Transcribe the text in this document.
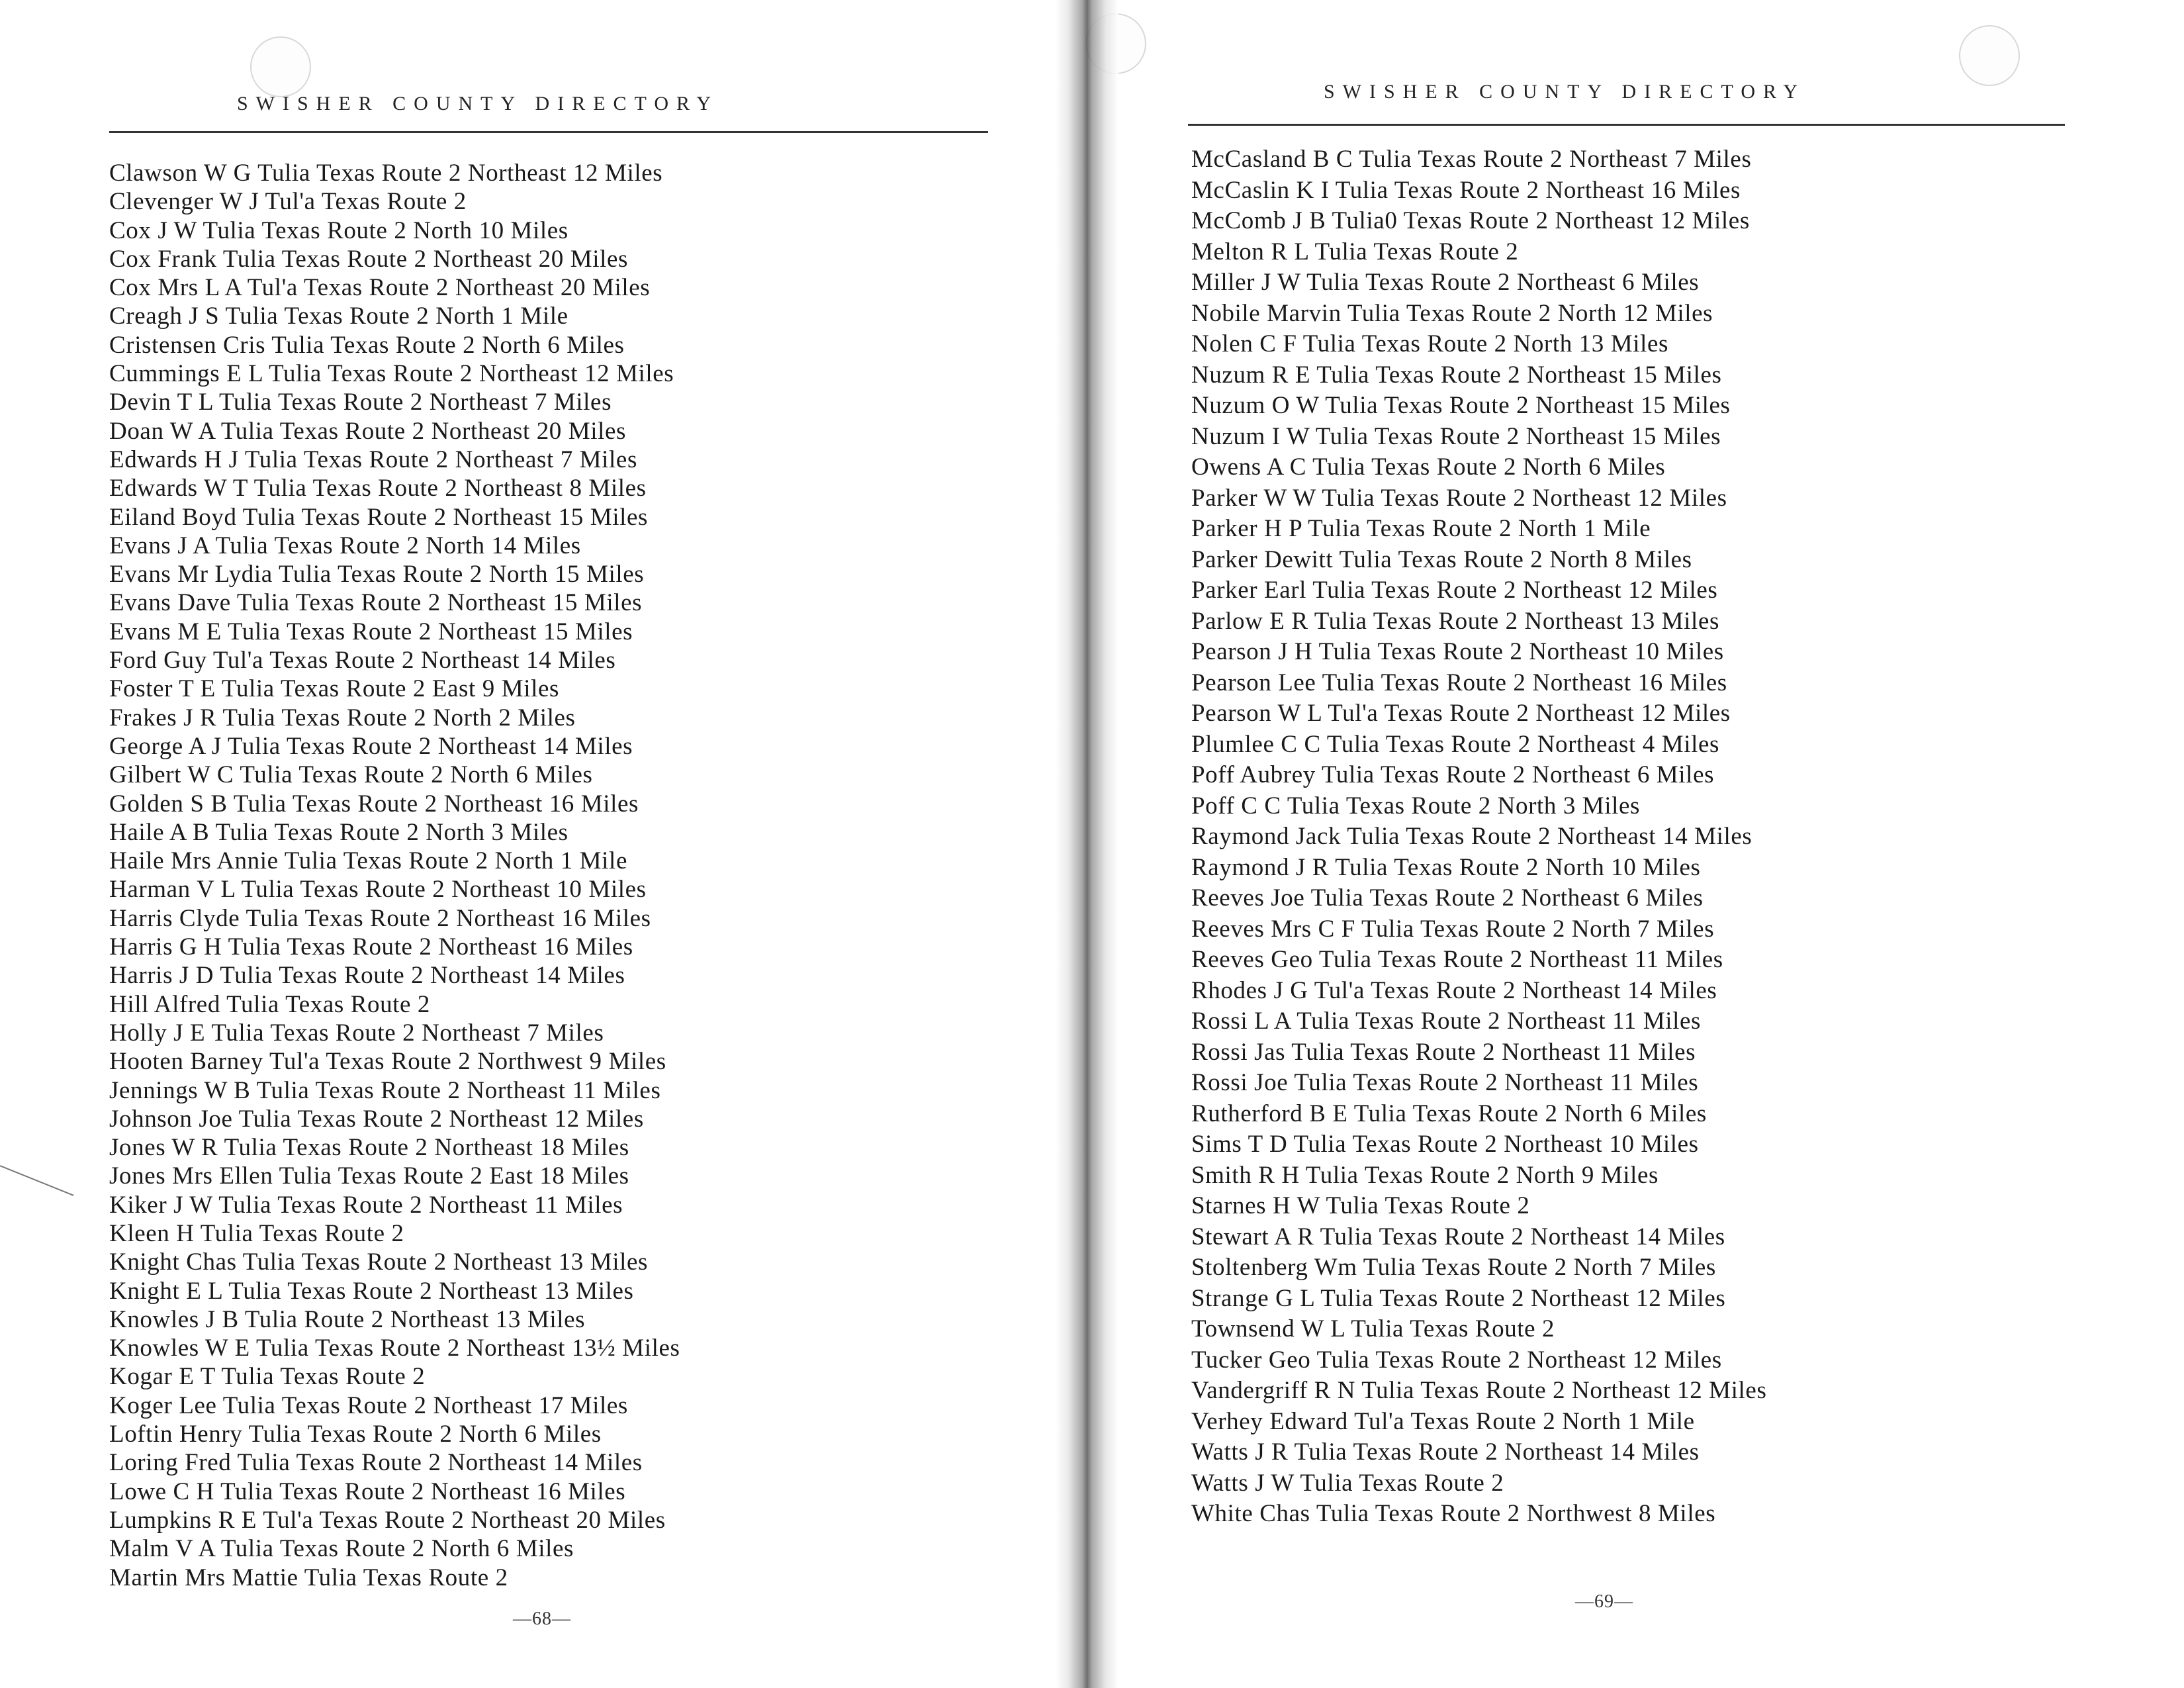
SWISHER COUNTY DIRECTORY
Clawson W G Tulia Texas Route 2 Northeast 12 Miles
Clevenger W J Tul'a Texas Route 2
Cox J W Tulia Texas Route 2 North 10 Miles
Cox Frank Tulia Texas Route 2 Northeast 20 Miles
Cox Mrs L A Tul'a Texas Route 2 Northeast 20 Miles
Creagh J S Tulia Texas Route 2 North 1 Mile
Cristensen Cris Tulia Texas Route 2 North 6 Miles
Cummings E L Tulia Texas Route 2 Northeast 12 Miles
Devin T L Tulia Texas Route 2 Northeast 7 Miles
Doan W A Tulia Texas Route 2 Northeast 20 Miles
Edwards H J Tulia Texas Route 2 Northeast 7 Miles
Edwards W T Tulia Texas Route 2 Northeast 8 Miles
Eiland Boyd Tulia Texas Route 2 Northeast 15 Miles
Evans J A Tulia Texas Route 2 North 14 Miles
Evans Mr Lydia Tulia Texas Route 2 North 15 Miles
Evans Dave Tulia Texas Route 2 Northeast 15 Miles
Evans M E Tulia Texas Route 2 Northeast 15 Miles
Ford Guy Tul'a Texas Route 2 Northeast 14 Miles
Foster T E Tulia Texas Route 2 East 9 Miles
Frakes J R Tulia Texas Route 2 North 2 Miles
George A J Tulia Texas Route 2 Northeast 14 Miles
Gilbert W C Tulia Texas Route 2 North 6 Miles
Golden S B Tulia Texas Route 2 Northeast 16 Miles
Haile A B Tulia Texas Route 2 North 3 Miles
Haile Mrs Annie Tulia Texas Route 2 North 1 Mile
Harman V L Tulia Texas Route 2 Northeast 10 Miles
Harris Clyde Tulia Texas Route 2 Northeast 16 Miles
Harris G H Tulia Texas Route 2 Northeast 16 Miles
Harris J D Tulia Texas Route 2 Northeast 14 Miles
Hill Alfred Tulia Texas Route 2
Holly J E Tulia Texas Route 2 Northeast 7 Miles
Hooten Barney Tul'a Texas Route 2 Northwest 9 Miles
Jennings W B Tulia Texas Route 2 Northeast 11 Miles
Johnson Joe Tulia Texas Route 2 Northeast 12 Miles
Jones W R Tulia Texas Route 2 Northeast 18 Miles
Jones Mrs Ellen Tulia Texas Route 2 East 18 Miles
Kiker J W Tulia Texas Route 2 Northeast 11 Miles
Kleen H Tulia Texas Route 2
Knight Chas Tulia Texas Route 2 Northeast 13 Miles
Knight E L Tulia Texas Route 2 Northeast 13 Miles
Knowles J B Tulia Route 2 Northeast 13 Miles
Knowles W E Tulia Texas Route 2 Northeast 13½ Miles
Kogar E T Tulia Texas Route 2
Koger Lee Tulia Texas Route 2 Northeast 17 Miles
Loftin Henry Tulia Texas Route 2 North 6 Miles
Loring Fred Tulia Texas Route 2 Northeast 14 Miles
Lowe C H Tulia Texas Route 2 Northeast 16 Miles
Lumpkins R E Tul'a Texas Route 2 Northeast 20 Miles
Malm V A Tulia Texas Route 2 North 6 Miles
Martin Mrs Mattie Tulia Texas Route 2
—68—
SWISHER COUNTY DIRECTORY
McCasland B C Tulia Texas Route 2 Northeast 7 Miles
McCaslin K I Tulia Texas Route 2 Northeast 16 Miles
McComb J B Tulia0 Texas Route 2 Northeast 12 Miles
Melton R L Tulia Texas Route 2
Miller J W Tulia Texas Route 2 Northeast 6 Miles
Nobile Marvin Tulia Texas Route 2 North 12 Miles
Nolen C F Tulia Texas Route 2 North 13 Miles
Nuzum R E Tulia Texas Route 2 Northeast 15 Miles
Nuzum O W Tulia Texas Route 2 Northeast 15 Miles
Nuzum I W Tulia Texas Route 2 Northeast 15 Miles
Owens A C Tulia Texas Route 2 North 6 Miles
Parker W W Tulia Texas Route 2 Northeast 12 Miles
Parker H P Tulia Texas Route 2 North 1 Mile
Parker Dewitt Tulia Texas Route 2 North 8 Miles
Parker Earl Tulia Texas Route 2 Northeast 12 Miles
Parlow E R Tulia Texas Route 2 Northeast 13 Miles
Pearson J H Tulia Texas Route 2 Northeast 10 Miles
Pearson Lee Tulia Texas Route 2 Northeast 16 Miles
Pearson W L Tul'a Texas Route 2 Northeast 12 Miles
Plumlee C C Tulia Texas Route 2 Northeast 4 Miles
Poff Aubrey Tulia Texas Route 2 Northeast 6 Miles
Poff C C Tulia Texas Route 2 North 3 Miles
Raymond Jack Tulia Texas Route 2 Northeast 14 Miles
Raymond J R Tulia Texas Route 2 North 10 Miles
Reeves Joe Tulia Texas Route 2 Northeast 6 Miles
Reeves Mrs C F Tulia Texas Route 2 North 7 Miles
Reeves Geo Tulia Texas Route 2 Northeast 11 Miles
Rhodes J G Tul'a Texas Route 2 Northeast 14 Miles
Rossi L A Tulia Texas Route 2 Northeast 11 Miles
Rossi Jas Tulia Texas Route 2 Northeast 11 Miles
Rossi Joe Tulia Texas Route 2 Northeast 11 Miles
Rutherford B E Tulia Texas Route 2 North 6 Miles
Sims T D Tulia Texas Route 2 Northeast 10 Miles
Smith R H Tulia Texas Route 2 North 9 Miles
Starnes H W Tulia Texas Route 2
Stewart A R Tulia Texas Route 2 Northeast 14 Miles
Stoltenberg Wm Tulia Texas Route 2 North 7 Miles
Strange G L Tulia Texas Route 2 Northeast 12 Miles
Townsend W L Tulia Texas Route 2
Tucker Geo Tulia Texas Route 2 Northeast 12 Miles
Vandergriff R N Tulia Texas Route 2 Northeast 12 Miles
Verhey Edward Tul'a Texas Route 2 North 1 Mile
Watts J R Tulia Texas Route 2 Northeast 14 Miles
Watts J W Tulia Texas Route 2
White Chas Tulia Texas Route 2 Northwest 8 Miles
—69—
